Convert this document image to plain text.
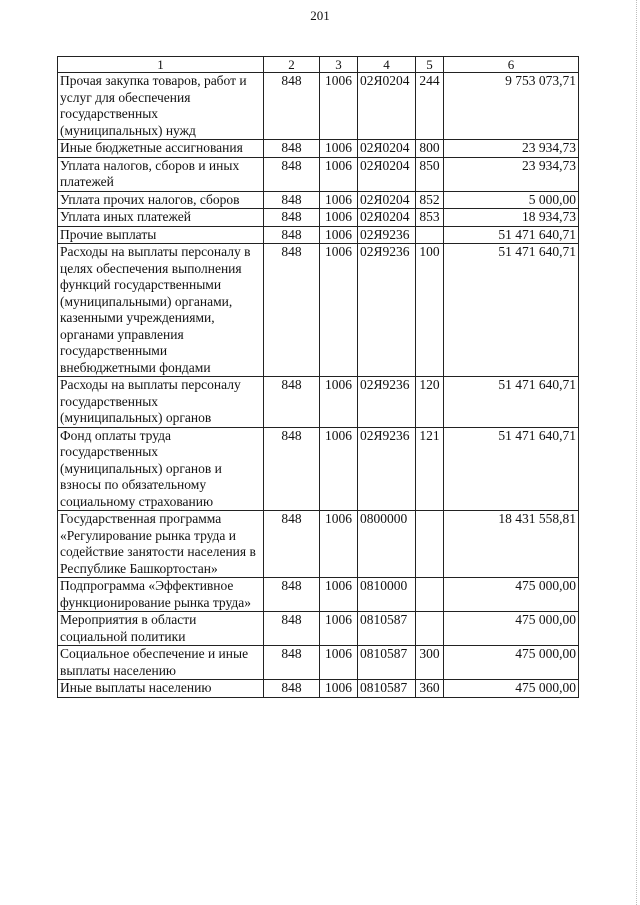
201
1	2	3	4	5	6
Прочая закупка товаров, работ и услуг для обеспечения государственных (муниципальных) нужд	848	1006	02Я0204	244	9 753 073,71
Иные бюджетные ассигнования	848	1006	02Я0204	800	23 934,73
Уплата налогов, сборов и иных платежей	848	1006	02Я0204	850	23 934,73
Уплата прочих налогов, сборов	848	1006	02Я0204	852	5 000,00
Уплата иных платежей	848	1006	02Я0204	853	18 934,73
Прочие выплаты	848	1006	02Я9236		51 471 640,71
Расходы на выплаты персоналу в целях обеспечения выполнения функций государственными (муниципальными) органами, казенными учреждениями, органами управления государственными внебюджетными фондами	848	1006	02Я9236	100	51 471 640,71
Расходы на выплаты персоналу государственных (муниципальных) органов	848	1006	02Я9236	120	51 471 640,71
Фонд оплаты труда государственных (муниципальных) органов и взносы по обязательному социальному страхованию	848	1006	02Я9236	121	51 471 640,71
Государственная программа «Регулирование рынка труда и содействие занятости населения в Республике Башкортостан»	848	1006	0800000		18 431 558,81
Подпрограмма «Эффективное функционирование рынка труда»	848	1006	0810000		475 000,00
Мероприятия в области социальной политики	848	1006	0810587		475 000,00
Социальное обеспечение и иные выплаты населению	848	1006	0810587	300	475 000,00
Иные выплаты населению	848	1006	0810587	360	475 000,00
